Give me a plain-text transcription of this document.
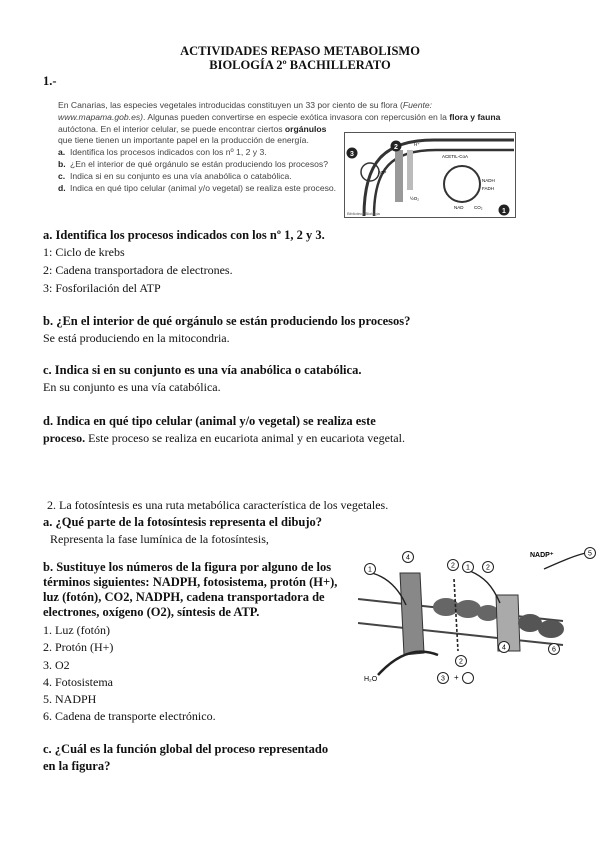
ACTIVIDADES REPASO METABOLISMO
BIOLOGÍA 2º BACHILLERATO
1.-
En Canarias, las especies vegetales introducidas constituyen un 33 por ciento de su flora (Fuente: www.mapama.gob.es). Algunas pueden convertirse en especie exótica invasora con repercusión en la flora y fauna autóctona. En el interior celular, se puede encontrar ciertos orgánulos
que tiene tienen un importante papel en la producción de energía.
a. Identifica los procesos indicados con los nº 1, 2 y 3.
b. ¿En el interior de qué orgánulo se están produciendo los procesos?
c. Indica si en su conjunto es una vía anabólica o catabólica.
d. Indica en qué tipo celular (animal y/o vegetal) se realiza este proceso.
3
2
1
ACETIL-CoA
NADH
FADH
NAD CO₂
ATP
H⁺
½O₂
Biblioteca Biología
a. Identifica los procesos indicados con los nº 1, 2 y 3.
1: Ciclo de krebs
2: Cadena transportadora de electrones.
3: Fosforilación del ATP
b. ¿En el interior de qué orgánulo se están produciendo los procesos?
Se está produciendo en la mitocondria.
c. Indica si en su conjunto es una vía anabólica o catabólica.
En su conjunto es una vía catabólica.
d. Indica en qué tipo celular (animal y/o vegetal) se realiza este
proceso. Este proceso se realiza en eucariota animal y en eucariota vegetal.
2. La fotosíntesis es una ruta metabólica característica de los vegetales.
a. ¿Qué parte de la fotosíntesis representa el dibujo?
Representa la fase lumínica de la fotosíntesis,
b. Sustituye los números de la figura por alguno de los
términos siguientes: NADPH, fotosistema, protón (H+),
luz (fotón), CO2, NADPH, cadena transportadora de
electrones, oxígeno (O2), síntesis de ATP.
1. Luz (fotón)
2. Protón (H+)
3. O2
4. Fotosistema
5. NADPH
6. Cadena de transporte electrónico.
c. ¿Cuál es la función global del proceso representado
en la figura?
NADP⁺
H₂O	+
1	1
4
2	2
2
3
4
5
6
